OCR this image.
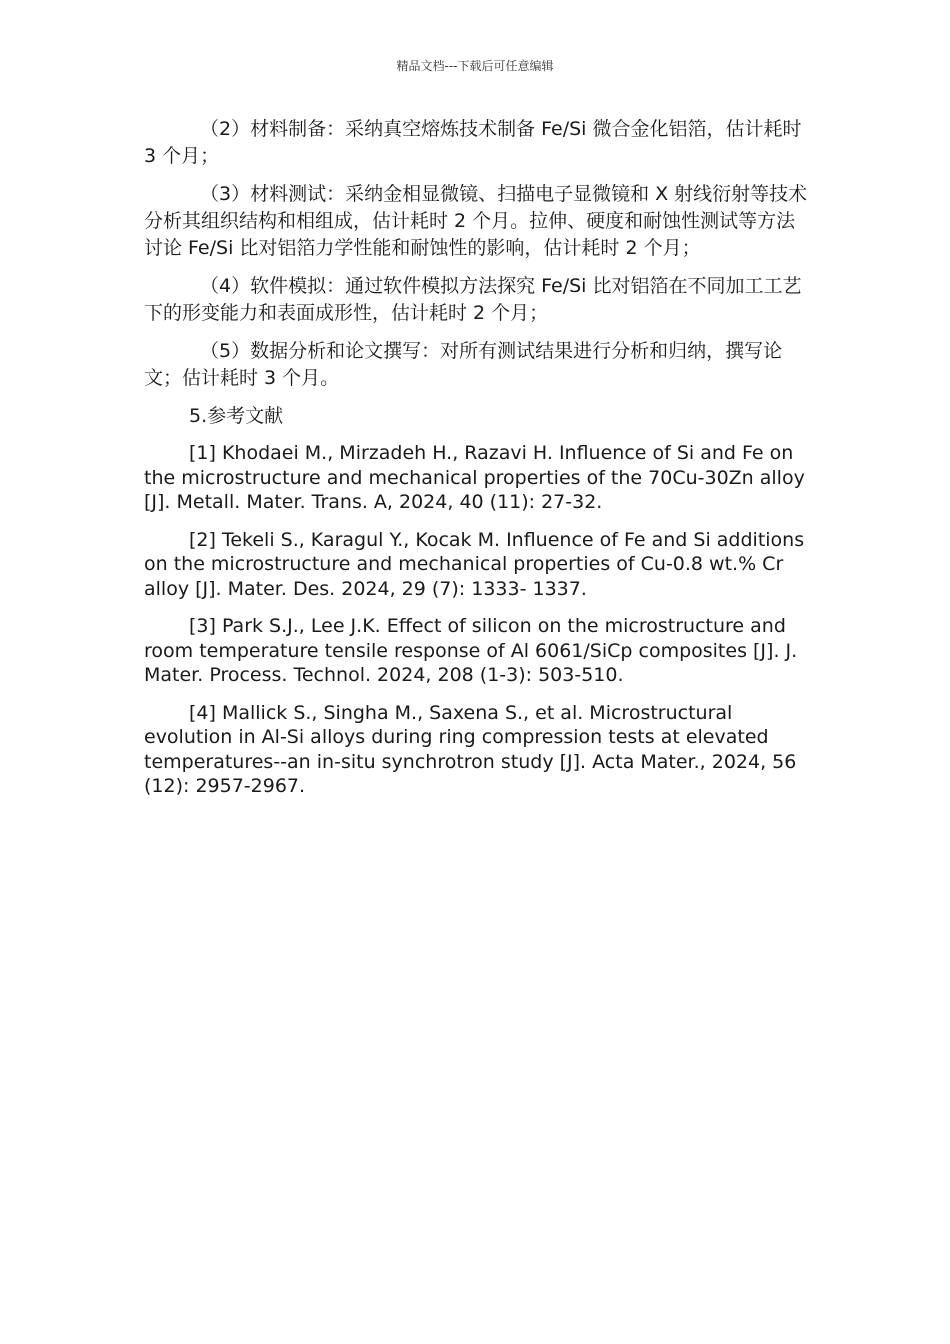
精品文档---下载后可任意编辑

（2）材料制备：采纳真空熔炼技术制备 Fe/Si 微合金化铝箔，估计耗时 3 个月；

（3）材料测试：采纳金相显微镜、扫描电子显微镜和 X 射线衍射等技术分析其组织结构和相组成，估计耗时 2 个月。拉伸、硬度和耐蚀性测试等方法讨论 Fe/Si 比对铝箔力学性能和耐蚀性的影响，估计耗时 2 个月；

（4）软件模拟：通过软件模拟方法探究 Fe/Si 比对铝箔在不同加工工艺下的形变能力和表面成形性，估计耗时 2 个月；

（5）数据分析和论文撰写：对所有测试结果进行分析和归纳，撰写论文；估计耗时 3 个月。

5.参考文献

[1] Khodaei M., Mirzadeh H., Razavi H. Influence of Si and Fe on the microstructure and mechanical properties of the 70Cu-30Zn alloy [J]. Metall. Mater. Trans. A, 2024, 40 (11): 27-32.

[2] Tekeli S., Karagul Y., Kocak M. Influence of Fe and Si additions on the microstructure and mechanical properties of Cu-0.8 wt.% Cr alloy [J]. Mater. Des. 2024, 29 (7): 1333- 1337.

[3] Park S.J., Lee J.K. Effect of silicon on the microstructure and room temperature tensile response of Al 6061/SiCp composites [J]. J. Mater. Process. Technol. 2024, 208 (1-3): 503-510.

[4] Mallick S., Singha M., Saxena S., et al. Microstructural evolution in Al-Si alloys during ring compression tests at elevated temperatures--an in-situ synchrotron study [J]. Acta Mater., 2024, 56 (12): 2957-2967.
